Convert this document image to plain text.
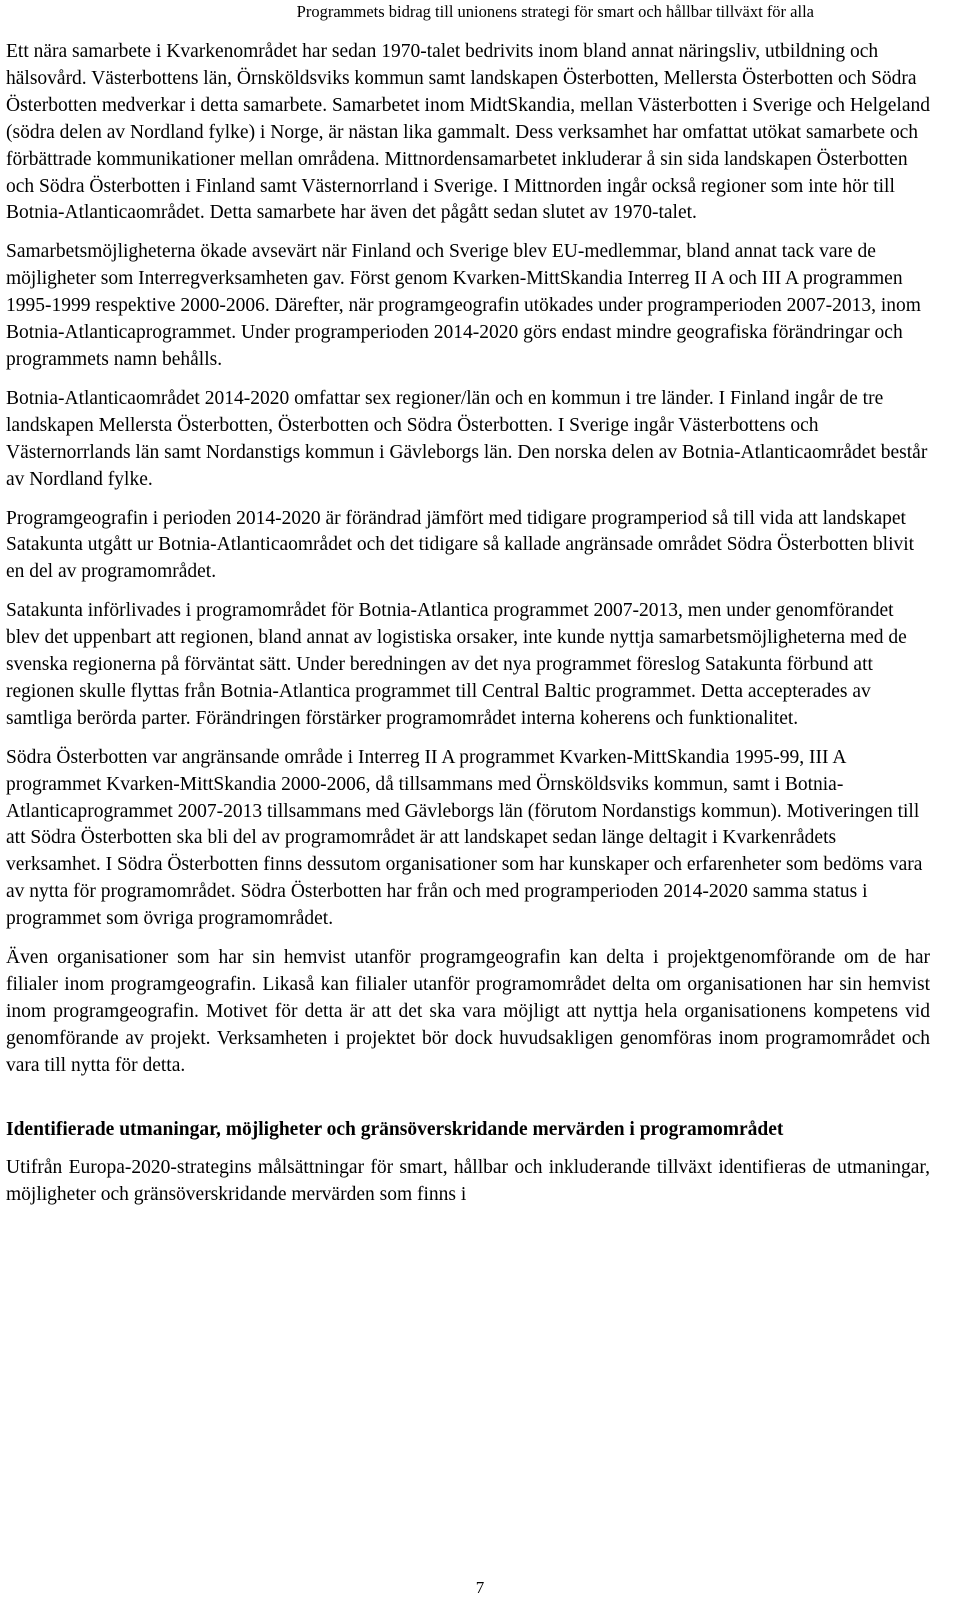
Programmets bidrag till unionens strategi för smart och hållbar tillväxt för alla

Ett nära samarbete i Kvarkenområdet har sedan 1970-talet bedrivits inom bland annat näringsliv, utbildning och hälsovård. Västerbottens län, Örnsköldsviks kommun samt landskapen Österbotten, Mellersta Österbotten och Södra Österbotten medverkar i detta samarbete. Samarbetet inom MidtSkandia, mellan Västerbotten i Sverige och Helgeland (södra delen av Nordland fylke) i Norge, är nästan lika gammalt. Dess verksamhet har omfattat utökat samarbete och förbättrade kommunikationer mellan områdena. Mittnordensamarbetet inkluderar å sin sida landskapen Österbotten och Södra Österbotten i Finland samt Västernorrland i Sverige. I Mittnorden ingår också regioner som inte hör till Botnia-Atlanticaområdet. Detta samarbete har även det pågått sedan slutet av 1970-talet.

Samarbetsmöjligheterna ökade avsevärt när Finland och Sverige blev EU-medlemmar, bland annat tack vare de möjligheter som Interregverksamheten gav. Först genom Kvarken-MittSkandia Interreg II A och III A programmen 1995-1999 respektive 2000-2006. Därefter, när programgeografin utökades under programperioden 2007-2013, inom Botnia-Atlanticaprogrammet. Under programperioden 2014-2020 görs endast mindre geografiska förändringar och programmets namn behålls.

Botnia-Atlanticaområdet 2014-2020 omfattar sex regioner/län och en kommun i tre länder. I Finland ingår de tre landskapen Mellersta Österbotten, Österbotten och Södra Österbotten. I Sverige ingår Västerbottens och Västernorrlands län samt Nordanstigs kommun i Gävleborgs län. Den norska delen av Botnia-Atlanticaområdet består av Nordland fylke.

Programgeografin i perioden 2014-2020 är förändrad jämfört med tidigare programperiod så till vida att landskapet Satakunta utgått ur Botnia-Atlanticaområdet och det tidigare så kallade angränsade området Södra Österbotten blivit en del av programområdet.

Satakunta införlivades i programområdet för Botnia-Atlantica programmet 2007-2013, men under genomförandet blev det uppenbart att regionen, bland annat av logistiska orsaker, inte kunde nyttja samarbetsmöjligheterna med de svenska regionerna på förväntat sätt. Under beredningen av det nya programmet föreslog Satakunta förbund att regionen skulle flyttas från Botnia-Atlantica programmet till Central Baltic programmet. Detta accepterades av samtliga berörda parter. Förändringen förstärker programområdet interna koherens och funktionalitet.

Södra Österbotten var angränsande område i Interreg II A programmet Kvarken-MittSkandia 1995-99, III A programmet Kvarken-MittSkandia 2000-2006, då tillsammans med Örnsköldsviks kommun, samt i Botnia-Atlanticaprogrammet 2007-2013 tillsammans med Gävleborgs län (förutom Nordanstigs kommun). Motiveringen till att Södra Österbotten ska bli del av programområdet är att landskapet sedan länge deltagit i Kvarkenrådets verksamhet. I Södra Österbotten finns dessutom organisationer som har kunskaper och erfarenheter som bedöms vara av nytta för programområdet. Södra Österbotten har från och med programperioden 2014-2020 samma status i programmet som övriga programområdet.

Även organisationer som har sin hemvist utanför programgeografin kan delta i projektgenomförande om de har filialer inom programgeografin. Likaså kan filialer utanför programområdet delta om organisationen har sin hemvist inom programgeografin. Motivet för detta är att det ska vara möjligt att nyttja hela organisationens kompetens vid genomförande av projekt. Verksamheten i projektet bör dock huvudsakligen genomföras inom programområdet och vara till nytta för detta.

Identifierade utmaningar, möjligheter och gränsöverskridande mervärden i programområdet

Utifrån Europa-2020-strategins målsättningar för smart, hållbar och inkluderande tillväxt identifieras de utmaningar, möjligheter och gränsöverskridande mervärden som finns i

7
